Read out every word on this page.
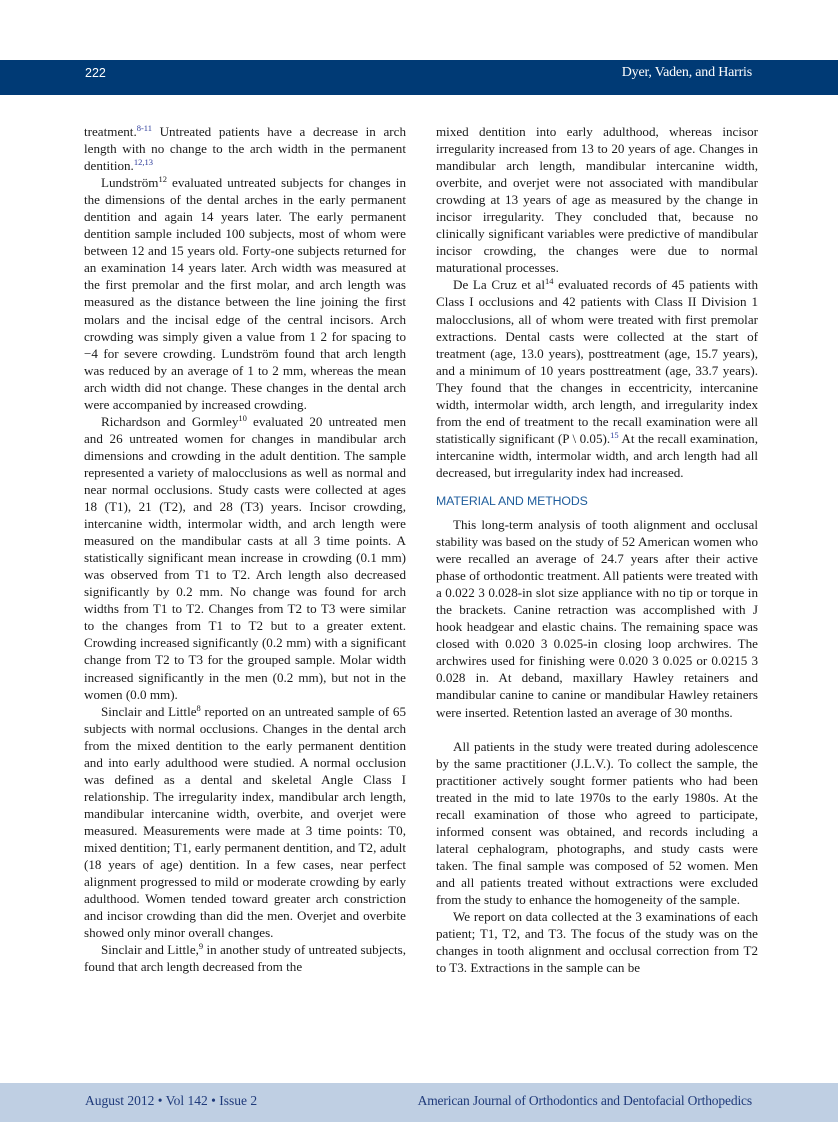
222	Dyer, Vaden, and Harris

treatment.$^{8-11}$ Untreated patients have a decrease in arch length with no change to the arch width in the permanent dentition.$^{12,13}$

Lundström$^{12}$ evaluated untreated subjects for changes in the dimensions of the dental arches in the early permanent dentition and again 14 years later. The early permanent dentition sample included 100 subjects, most of whom were between 12 and 15 years old. Forty-one subjects returned for an examination 14 years later. Arch width was measured at the first premolar and the first molar, and arch length was measured as the distance between the line joining the first molars and the incisal edge of the central incisors. Arch crowding was simply given a value from 1 2 for spacing to −4 for severe crowding. Lundström found that arch length was reduced by an average of 1 to 2 mm, whereas the mean arch width did not change. These changes in the dental arch were accompanied by increased crowding.

Richardson and Gormley$^{10}$ evaluated 20 untreated men and 26 untreated women for changes in mandibular arch dimensions and crowding in the adult dentition. The sample represented a variety of malocclusions as well as normal and near normal occlusions. Study casts were collected at ages 18 (T1), 21 (T2), and 28 (T3) years. Incisor crowding, intercanine width, intermolar width, and arch length were measured on the mandibular casts at all 3 time points. A statistically significant mean increase in crowding (0.1 mm) was observed from T1 to T2. Arch length also decreased significantly by 0.2 mm. No change was found for arch widths from T1 to T2. Changes from T2 to T3 were similar to the changes from T1 to T2 but to a greater extent. Crowding increased significantly (0.2 mm) with a significant change from T2 to T3 for the grouped sample. Molar width increased significantly in the men (0.2 mm), but not in the women (0.0 mm).

Sinclair and Little$^8$ reported on an untreated sample of 65 subjects with normal occlusions. Changes in the dental arch from the mixed dentition to the early permanent dentition and into early adulthood were studied. A normal occlusion was defined as a dental and skeletal Angle Class I relationship. The irregularity index, mandibular arch length, mandibular intercanine width, overbite, and overjet were measured. Measurements were made at 3 time points: T0, mixed dentition; T1, early permanent dentition, and T2, adult (18 years of age) dentition. In a few cases, near perfect alignment progressed to mild or moderate crowding by early adulthood. Women tended toward greater arch constriction and incisor crowding than did the men. Overjet and overbite showed only minor overall changes.

Sinclair and Little,$^9$ in another study of untreated subjects, found that arch length decreased from the

mixed dentition into early adulthood, whereas incisor irregularity increased from 13 to 20 years of age. Changes in mandibular arch length, mandibular intercanine width, overbite, and overjet were not associated with mandibular crowding at 13 years of age as measured by the change in incisor irregularity. They concluded that, because no clinically significant variables were predictive of mandibular incisor crowding, the changes were due to normal maturational processes.

De La Cruz et $al^{14}$ evaluated records of 45 patients with Class I occlusions and 42 patients with Class II Division 1 malocclusions, all of whom were treated with first premolar extractions. Dental casts were collected at the start of treatment (age, 13.0 years), posttreatment (age, 15.7 years), and a minimum of 10 years posttreatment (age, 33.7 years). They found that the changes in eccentricity, intercanine width, intermolar width, arch length, and irregularity index from the end of treatment to the recall examination were all statistically significant (P \ 0.05).$^{15}$ At the recall examination, intercanine width, intermolar width, and arch length had all decreased, but irregularity index had increased.

MATERIAL AND METHODS

This long-term analysis of tooth alignment and occlusal stability was based on the study of 52 American women who were recalled an average of 24.7 years after their active phase of orthodontic treatment. All patients were treated with a 0.022 3 0.028-in slot size appliance with no tip or torque in the brackets. Canine retraction was accomplished with J hook headgear and elastic chains. The remaining space was closed with 0.020 3 0.025-in closing loop archwires. The archwires used for finishing were 0.020 3 0.025 or 0.0215 3 0.028 in. At deband, maxillary Hawley retainers and mandibular canine to canine or mandibular Hawley retainers were inserted. Retention lasted an average of 30 months.

All patients in the study were treated during adolescence by the same practitioner (J.L.V.). To collect the sample, the practitioner actively sought former patients who had been treated in the mid to late 1970s to the early 1980s. At the recall examination of those who agreed to participate, informed consent was obtained, and records including a lateral cephalogram, photographs, and study casts were taken. The final sample was composed of 52 women. Men and all patients treated without extractions were excluded from the study to enhance the homogeneity of the sample.

We report on data collected at the 3 examinations of each patient; T1, T2, and T3. The focus of the study was on the changes in tooth alignment and occlusal correction from T2 to T3. Extractions in the sample can be

August 2012 • Vol 142 • Issue 2	American Journal of Orthodontics and Dentofacial Orthopedics
